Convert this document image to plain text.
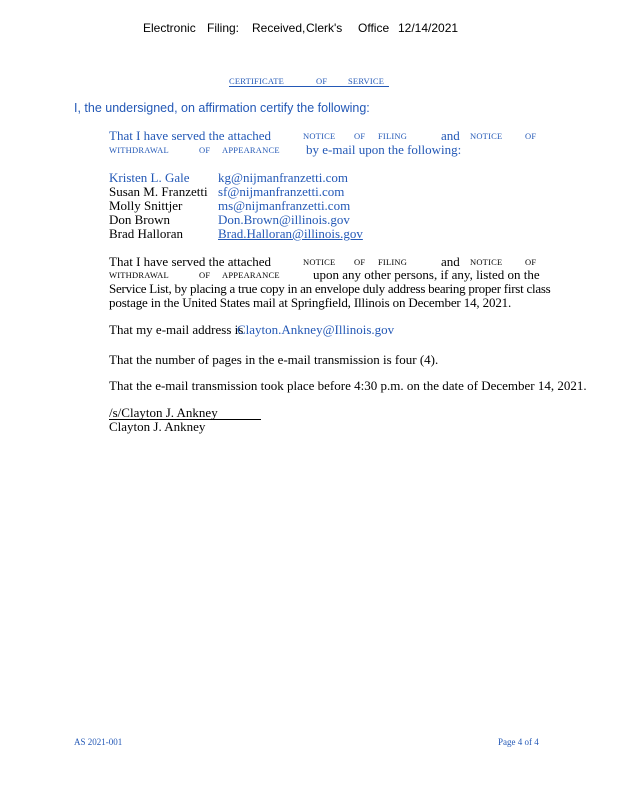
Electronic Filing: Received, Clerk's Office 12/14/2021
CERTIFICATE	OF SERVICE
I, the undersigned, on affirmation certify the following:
That I have served the attached	NOTICE OF FILING	and NOTICE	OF
WITHDRAWAL	OF APPEARANCE by e-mail upon the following:
Kristen L. Gale kg@nijmanfranzetti.com
Susan M. Franzetti sf@nijmanfranzetti.com
Molly Snittjer	ms@nijmanfranzetti.com
Don Brown	Don.Brown@illinois.gov
Brad Halloran	Brad.Halloran@illinois.gov
That I have served the attached	NOTICE OF FILING	and NOTICE	OF
WITHDRAWAL	OF APPEARANCE	upon any other persons, if any, listed on the
Service List, by placing a true copy in an envelope duly address bearing proper first class
postage in the United States mail at Springfield, Illinois on December 14, 2021.
That my e-mail address is
Clayton.Ankney@Illinois.gov
That the number of pages in the e-mail transmission is four (4).
That the e-mail transmission took place before 4:30 p.m. on the date of December 14, 2021.
/s/Clayton J. Ankney
Clayton J. Ankney
AS 2021-001	Page 4 of 4
